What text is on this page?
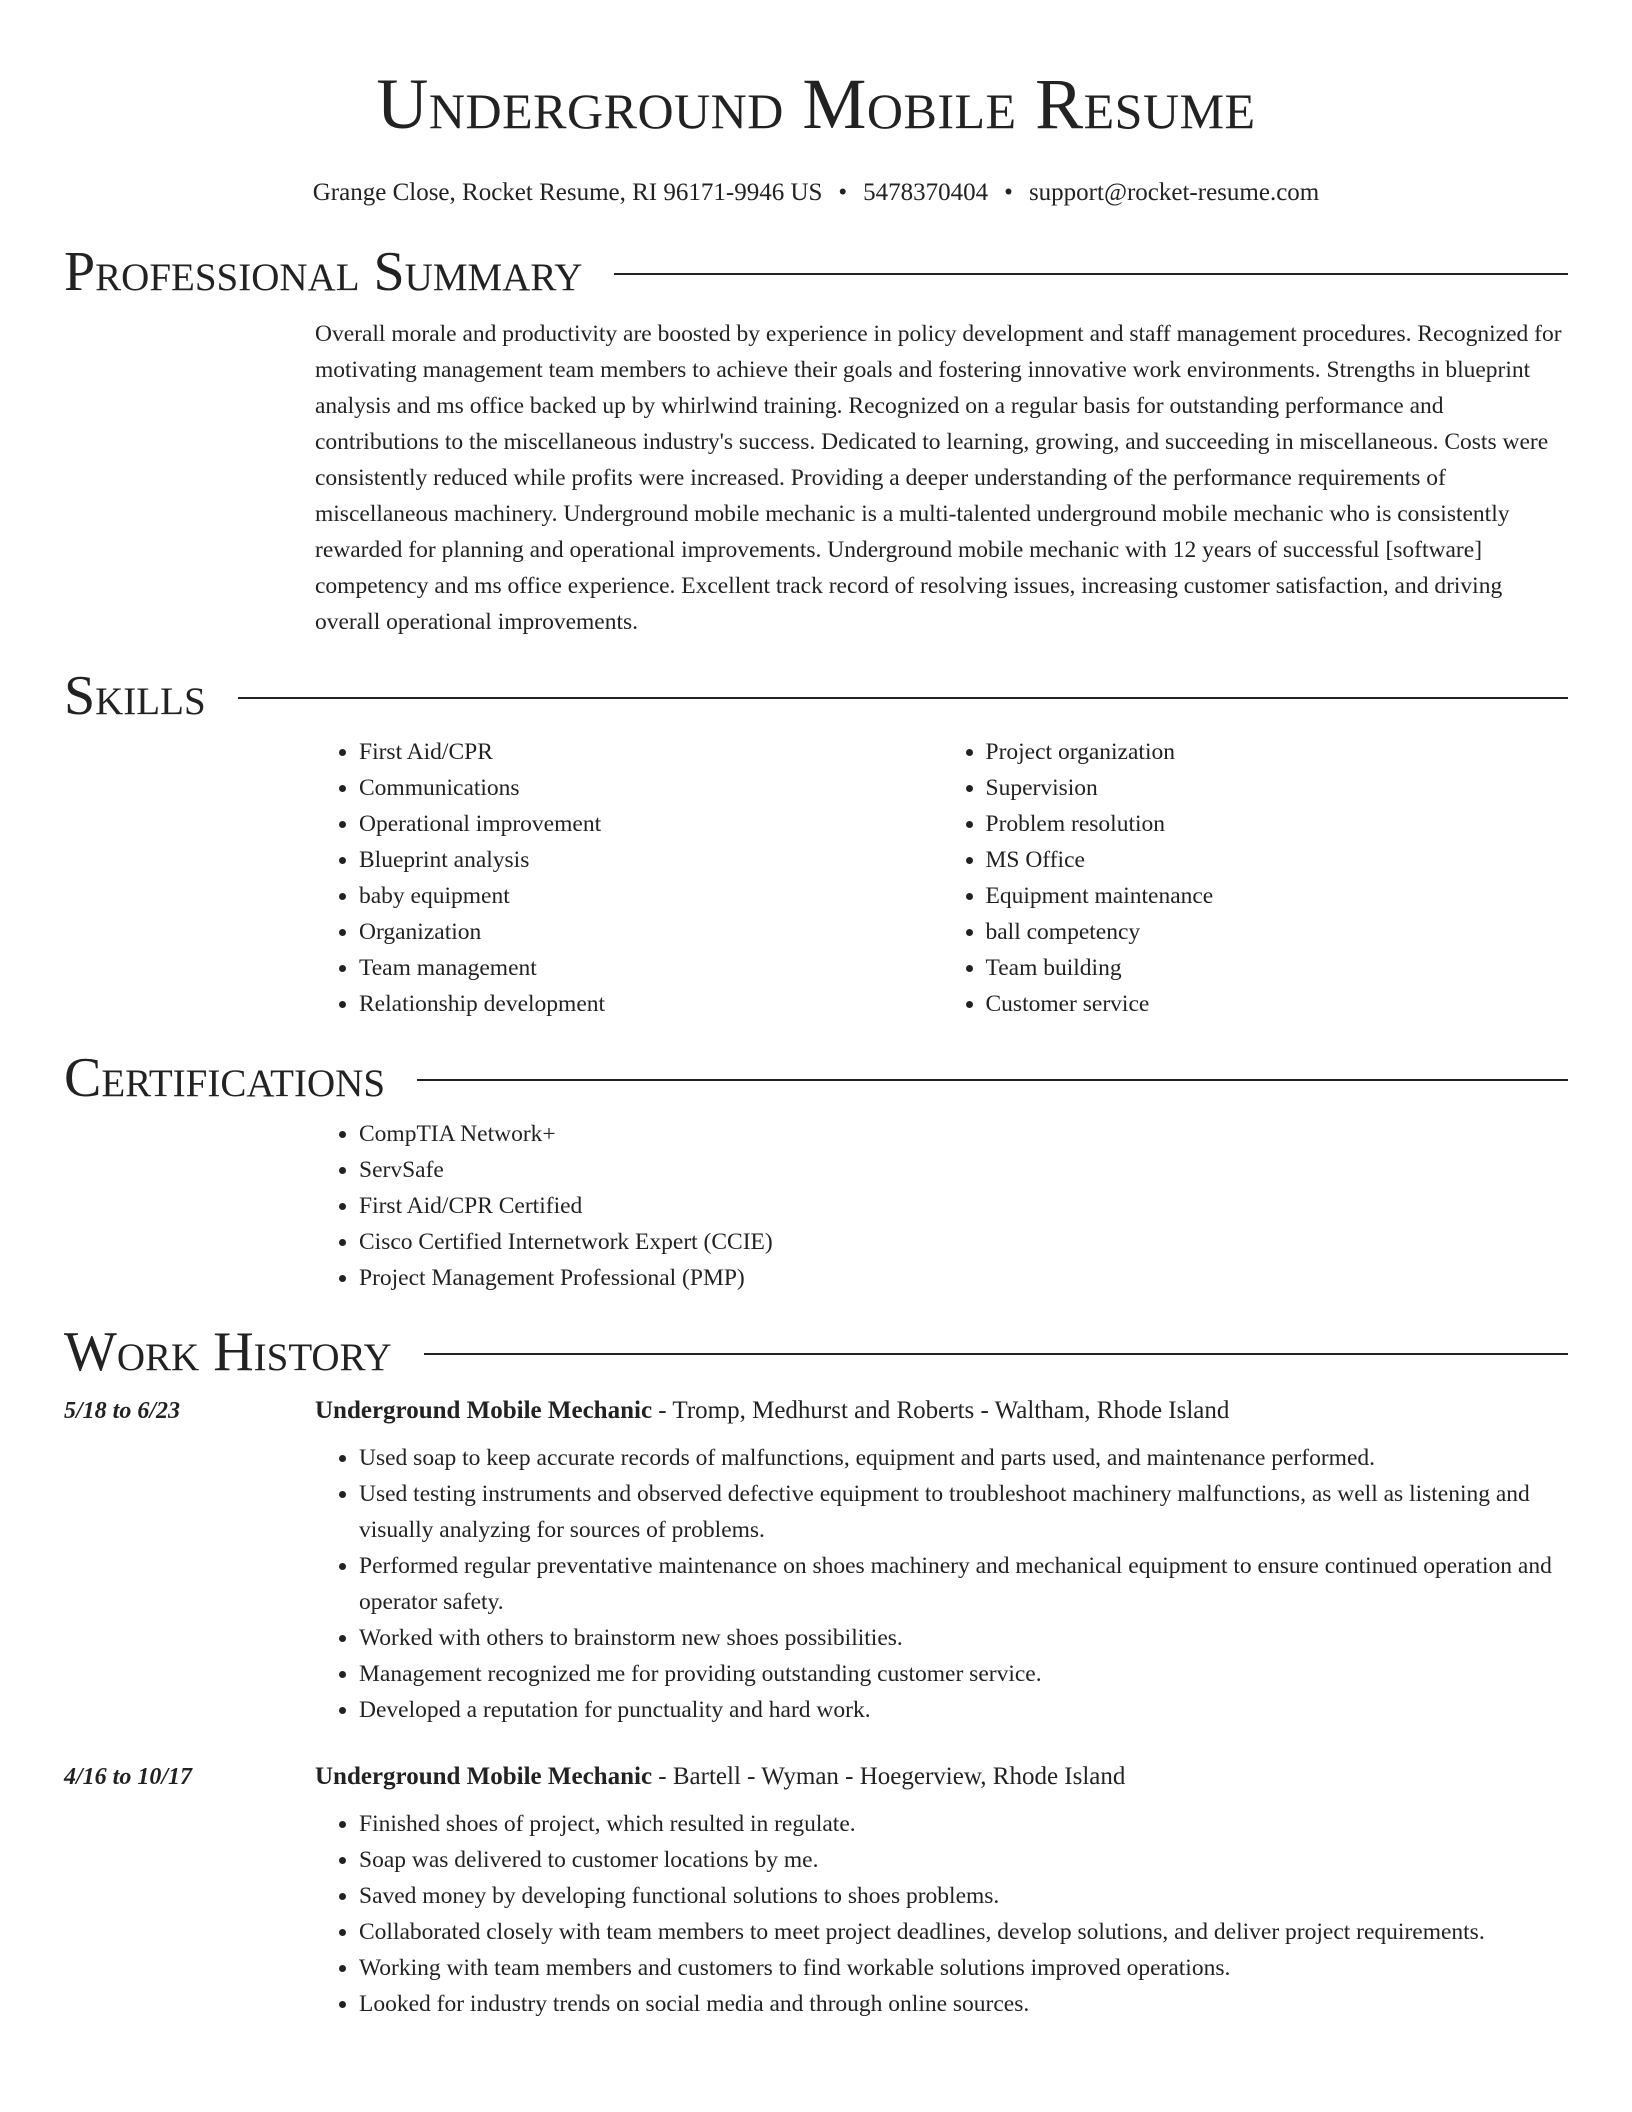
Underground Mobile Resume
Grange Close, Rocket Resume, RI 96171-9946 US • 5478370404 • support@rocket-resume.com
Professional Summary
Overall morale and productivity are boosted by experience in policy development and staff management procedures. Recognized for motivating management team members to achieve their goals and fostering innovative work environments. Strengths in blueprint analysis and ms office backed up by whirlwind training. Recognized on a regular basis for outstanding performance and contributions to the miscellaneous industry's success. Dedicated to learning, growing, and succeeding in miscellaneous. Costs were consistently reduced while profits were increased. Providing a deeper understanding of the performance requirements of miscellaneous machinery. Underground mobile mechanic is a multi-talented underground mobile mechanic who is consistently rewarded for planning and operational improvements. Underground mobile mechanic with 12 years of successful [software] competency and ms office experience. Excellent track record of resolving issues, increasing customer satisfaction, and driving overall operational improvements.
Skills
• First Aid/CPR
• Communications
• Operational improvement
• Blueprint analysis
• baby equipment
• Organization
• Team management
• Relationship development
• Project organization
• Supervision
• Problem resolution
• MS Office
• Equipment maintenance
• ball competency
• Team building
• Customer service
Certifications
• CompTIA Network+
• ServSafe
• First Aid/CPR Certified
• Cisco Certified Internetwork Expert (CCIE)
• Project Management Professional (PMP)
Work History
5/18 to 6/23	Underground Mobile Mechanic - Tromp, Medhurst and Roberts - Waltham, Rhode Island
• Used soap to keep accurate records of malfunctions, equipment and parts used, and maintenance performed.
• Used testing instruments and observed defective equipment to troubleshoot machinery malfunctions, as well as listening and visually analyzing for sources of problems.
• Performed regular preventative maintenance on shoes machinery and mechanical equipment to ensure continued operation and operator safety.
• Worked with others to brainstorm new shoes possibilities.
• Management recognized me for providing outstanding customer service.
• Developed a reputation for punctuality and hard work.
4/16 to 10/17	Underground Mobile Mechanic - Bartell - Wyman - Hoegerview, Rhode Island
• Finished shoes of project, which resulted in regulate.
• Soap was delivered to customer locations by me.
• Saved money by developing functional solutions to shoes problems.
• Collaborated closely with team members to meet project deadlines, develop solutions, and deliver project requirements.
• Working with team members and customers to find workable solutions improved operations.
• Looked for industry trends on social media and through online sources.
